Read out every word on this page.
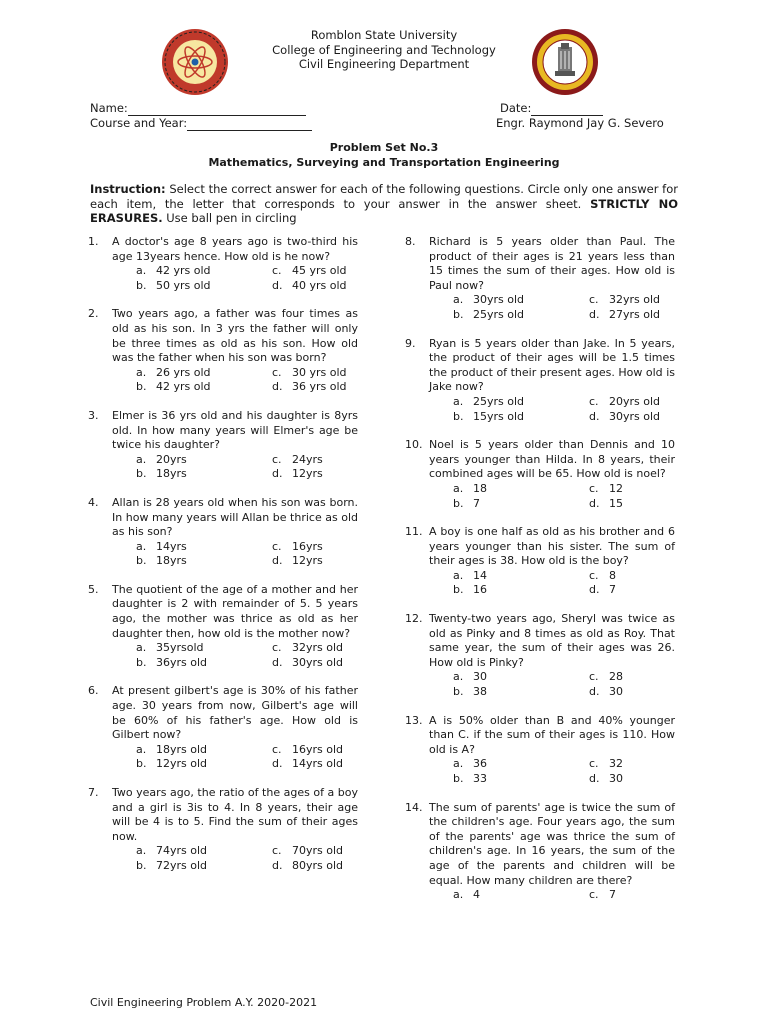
Romblon State University
College of Engineering and Technology
Civil Engineering Department
Name:
Course and Year:
Date:
Engr. Raymond Jay G. Severo
Problem Set No.3
Mathematics, Surveying and Transportation Engineering
Instruction: Select the correct answer for each of the following questions. Circle only one answer for each item, the letter that corresponds to your answer in the answer sheet. STRICTLY NO ERASURES. Use ball pen in circling
1. A doctor's age 8 years ago is two-third his age 13years hence. How old is he now?
a. 42 yrs old	c. 45 yrs old
b. 50 yrs old	d. 40 yrs old
2. Two years ago, a father was four times as old as his son. In 3 yrs the father will only be three times as old as his son. How old was the father when his son was born?
a. 26 yrs old	c. 30 yrs old
b. 42 yrs old	d. 36 yrs old
3. Elmer is 36 yrs old and his daughter is 8yrs old. In how many years will Elmer's age be twice his daughter?
a. 20yrs	c. 24yrs
b. 18yrs	d. 12yrs
4. Allan is 28 years old when his son was born. In how many years will Allan be thrice as old as his son?
a. 14yrs	c. 16yrs
b. 18yrs	d. 12yrs
5. The quotient of the age of a mother and her daughter is 2 with remainder of 5. 5 years ago, the mother was thrice as old as her daughter then, how old is the mother now?
a. 35yrsold	c. 32yrs old
b. 36yrs old	d. 30yrs old
6. At present gilbert's age is 30% of his father age. 30 years from now, Gilbert's age will be 60% of his father's age. How old is Gilbert now?
a. 18yrs old	c. 16yrs old
b. 12yrs old	d. 14yrs old
7. Two years ago, the ratio of the ages of a boy and a girl is 3is to 4. In 8 years, their age will be 4 is to 5. Find the sum of their ages now.
a. 74yrs old	c. 70yrs old
b. 72yrs old	d. 80yrs old
8. Richard is 5 years older than Paul. The product of their ages is 21 years less than 15 times the sum of their ages. How old is Paul now?
a. 30yrs old	c. 32yrs old
b. 25yrs old	d. 27yrs old
9. Ryan is 5 years older than Jake. In 5 years, the product of their ages will be 1.5 times the product of their present ages. How old is Jake now?
a. 25yrs old	c. 20yrs old
b. 15yrs old	d. 30yrs old
10. Noel is 5 years older than Dennis and 10 years younger than Hilda. In 8 years, their combined ages will be 65. How old is noel?
a. 18	c. 12
b. 7	d. 15
11. A boy is one half as old as his brother and 6 years younger than his sister. The sum of their ages is 38. How old is the boy?
a. 14	c. 8
b. 16	d. 7
12. Twenty-two years ago, Sheryl was twice as old as Pinky and 8 times as old as Roy. That same year, the sum of their ages was 26. How old is Pinky?
a. 30	c. 28
b. 38	d. 30
13. A is 50% older than B and 40% younger than C. if the sum of their ages is 110. How old is A?
a. 36	c. 32
b. 33	d. 30
14. The sum of parents' age is twice the sum of the children's age. Four years ago, the sum of the parents' age was thrice the sum of children's age. In 16 years, the sum of the age of the parents and children will be equal. How many children are there?
a. 4	c. 7
Civil Engineering Problem A.Y. 2020-2021
